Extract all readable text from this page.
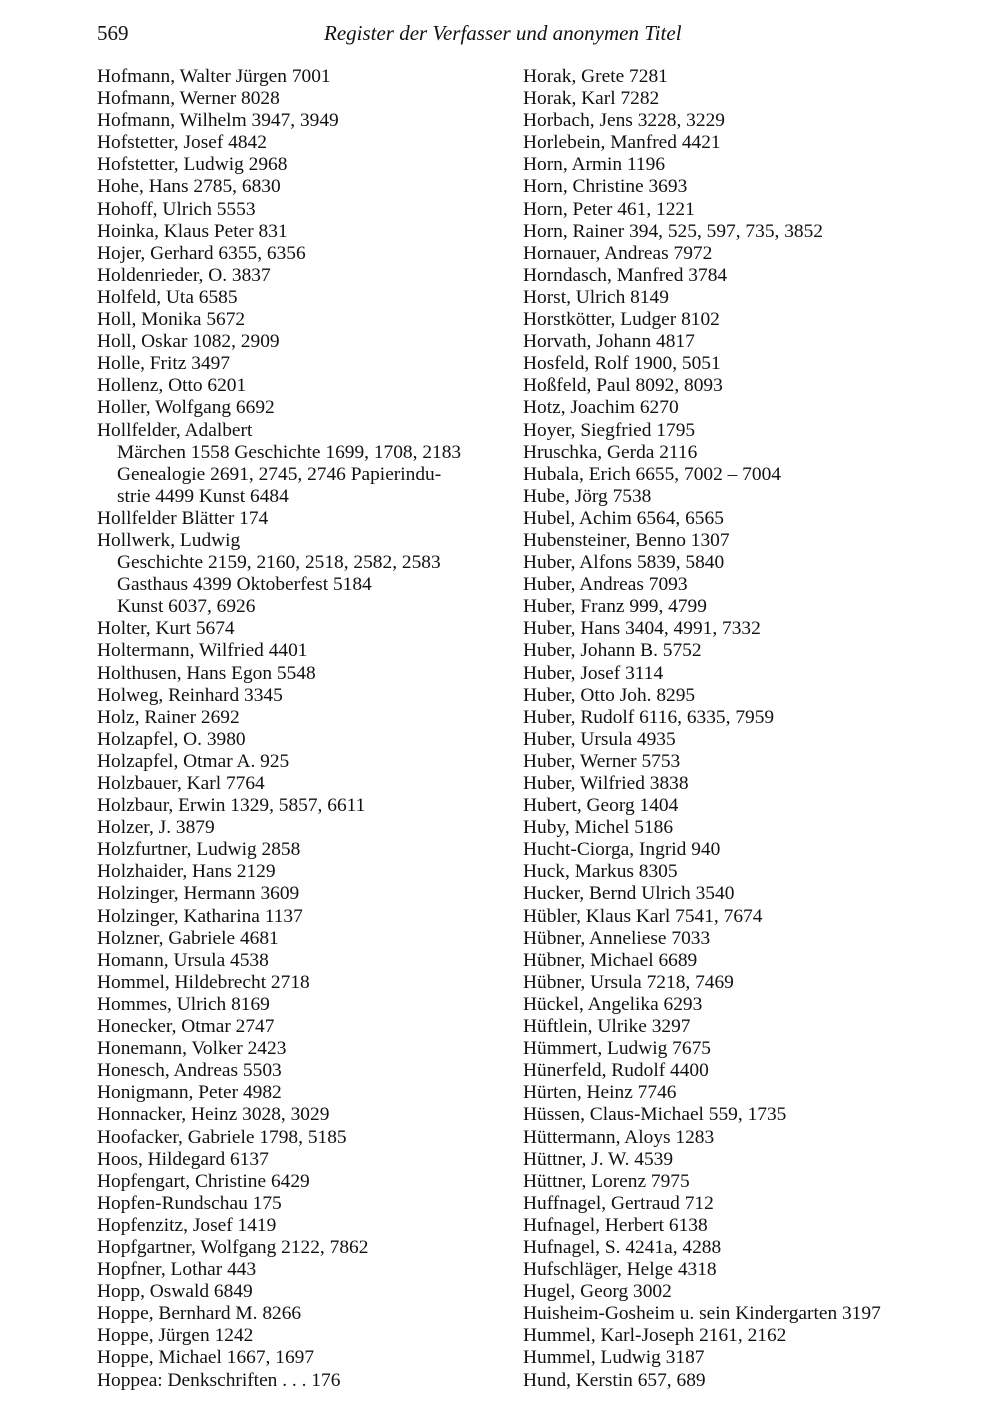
569	Register der Verfasser und anonymen Titel
Hofmann, Walter Jürgen 7001
Hofmann, Werner 8028
Hofmann, Wilhelm 3947, 3949
Hofstetter, Josef 4842
Hofstetter, Ludwig 2968
Hohe, Hans 2785, 6830
Hohoff, Ulrich 5553
Hoinka, Klaus Peter 831
Hojer, Gerhard 6355, 6356
Holdenrieder, O. 3837
Holfeld, Uta 6585
Holl, Monika 5672
Holl, Oskar 1082, 2909
Holle, Fritz 3497
Hollenz, Otto 6201
Holler, Wolfgang 6692
Hollfelder, Adalbert
Märchen 1558 Geschichte 1699, 1708, 2183
Genealogie 2691, 2745, 2746 Papierindu-
strie 4499 Kunst 6484
Hollfelder Blätter 174
Hollwerk, Ludwig
Geschichte 2159, 2160, 2518, 2582, 2583
Gasthaus 4399 Oktoberfest 5184
Kunst 6037, 6926
Holter, Kurt 5674
Holtermann, Wilfried 4401
Holthusen, Hans Egon 5548
Holweg, Reinhard 3345
Holz, Rainer 2692
Holzapfel, O. 3980
Holzapfel, Otmar A. 925
Holzbauer, Karl 7764
Holzbaur, Erwin 1329, 5857, 6611
Holzer, J. 3879
Holzfurtner, Ludwig 2858
Holzhaider, Hans 2129
Holzinger, Hermann 3609
Holzinger, Katharina 1137
Holzner, Gabriele 4681
Homann, Ursula 4538
Hommel, Hildebrecht 2718
Hommes, Ulrich 8169
Honecker, Otmar 2747
Honemann, Volker 2423
Honesch, Andreas 5503
Honigmann, Peter 4982
Honnacker, Heinz 3028, 3029
Hoofacker, Gabriele 1798, 5185
Hoos, Hildegard 6137
Hopfengart, Christine 6429
Hopfen-Rundschau 175
Hopfenzitz, Josef 1419
Hopfgartner, Wolfgang 2122, 7862
Hopfner, Lothar 443
Hopp, Oswald 6849
Hoppe, Bernhard M. 8266
Hoppe, Jürgen 1242
Hoppe, Michael 1667, 1697
Hoppea: Denkschriften . . . 176
Horak, Grete 7281
Horak, Karl 7282
Horbach, Jens 3228, 3229
Horlebein, Manfred 4421
Horn, Armin 1196
Horn, Christine 3693
Horn, Peter 461, 1221
Horn, Rainer 394, 525, 597, 735, 3852
Hornauer, Andreas 7972
Horndasch, Manfred 3784
Horst, Ulrich 8149
Horstkötter, Ludger 8102
Horvath, Johann 4817
Hosfeld, Rolf 1900, 5051
Hoßfeld, Paul 8092, 8093
Hotz, Joachim 6270
Hoyer, Siegfried 1795
Hruschka, Gerda 2116
Hubala, Erich 6655, 7002 – 7004
Hube, Jörg 7538
Hubel, Achim 6564, 6565
Hubensteiner, Benno 1307
Huber, Alfons 5839, 5840
Huber, Andreas 7093
Huber, Franz 999, 4799
Huber, Hans 3404, 4991, 7332
Huber, Johann B. 5752
Huber, Josef 3114
Huber, Otto Joh. 8295
Huber, Rudolf 6116, 6335, 7959
Huber, Ursula 4935
Huber, Werner 5753
Huber, Wilfried 3838
Hubert, Georg 1404
Huby, Michel 5186
Hucht-Ciorga, Ingrid 940
Huck, Markus 8305
Hucker, Bernd Ulrich 3540
Hübler, Klaus Karl 7541, 7674
Hübner, Anneliese 7033
Hübner, Michael 6689
Hübner, Ursula 7218, 7469
Hückel, Angelika 6293
Hüftlein, Ulrike 3297
Hümmert, Ludwig 7675
Hünerfeld, Rudolf 4400
Hürten, Heinz 7746
Hüssen, Claus-Michael 559, 1735
Hüttermann, Aloys 1283
Hüttner, J. W. 4539
Hüttner, Lorenz 7975
Huffnagel, Gertraud 712
Hufnagel, Herbert 6138
Hufnagel, S. 4241a, 4288
Hufschläger, Helge 4318
Hugel, Georg 3002
Huisheim-Gosheim u. sein Kindergarten 3197
Hummel, Karl-Joseph 2161, 2162
Hummel, Ludwig 3187
Hund, Kerstin 657, 689
